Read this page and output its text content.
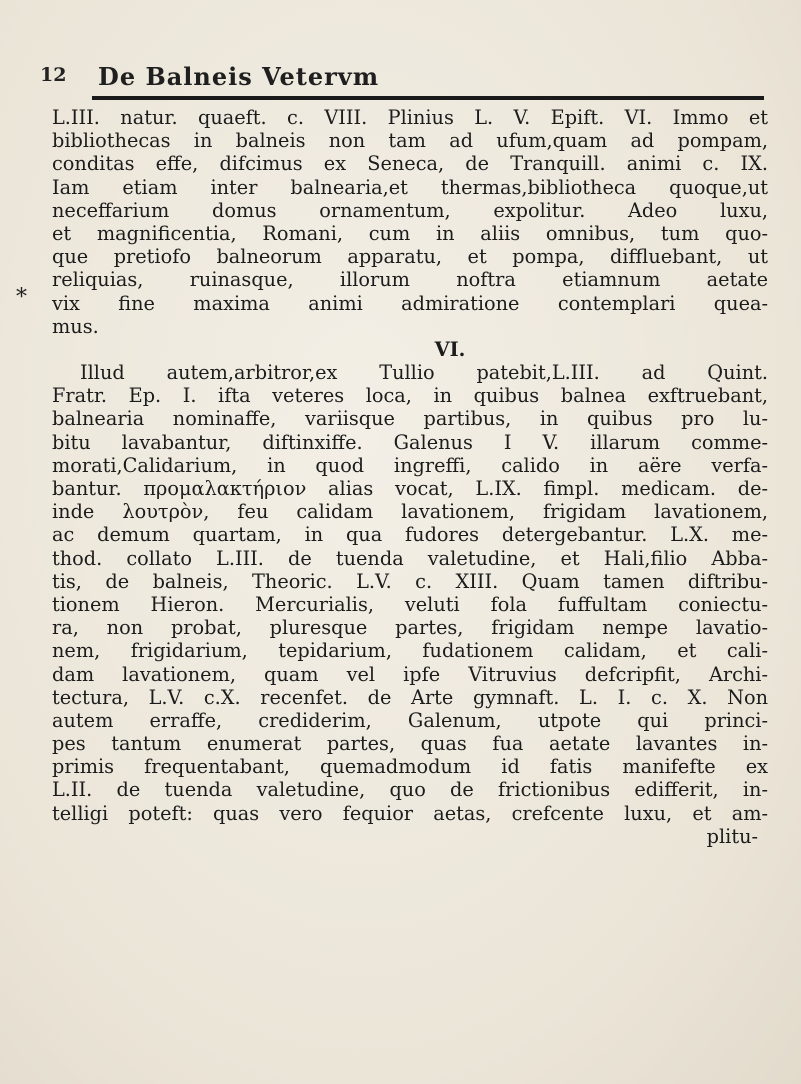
12 De Balneis Vetervm
*
L.III. natur. quaeft. c. VIII. Plinius L. V. Epift. VI. Immo et
bibliothecas in balneis non tam ad ufum,quam ad pompam,
conditas effe, difcimus ex Seneca, de Tranquill. animi c. IX.
Iam etiam inter balnearia,et thermas,bibliotheca quoque,ut
neceffarium domus ornamentum, expolitur. Adeo luxu,
et magnificentia, Romani, cum in aliis omnibus, tum quo-
que pretiofo balneorum apparatu, et pompa, diffluebant, ut
reliquias, ruinasque, illorum noftra etiamnum aetate
vix fine maxima animi admiratione contemplari quea-
mus.
VI.
Illud autem,arbitror,ex Tullio patebit,L.III. ad Quint.
Fratr. Ep. I. ifta veteres loca, in quibus balnea exftruebant,
balnearia nominaffe, variisque partibus, in quibus pro lu-
bitu lavabantur, diftinxiffe. Galenus I V. illarum comme-
morati,Calidarium, in quod ingreffi, calido in aëre verfa-
bantur. πρoμαλακτήριον alias vocat, L.IX. fimpl. medicam. de-
inde λουτρὸν, feu calidam lavationem, frigidam lavationem,
ac demum quartam, in qua fudores detergebantur. L.X. me-
thod. collato L.III. de tuenda valetudine, et Hali,filio Abba-
tis, de balneis, Theoric. L.V. c. XIII. Quam tamen diftribu-
tionem Hieron. Mercurialis, veluti fola fuffultam coniectu-
ra, non probat, pluresque partes, frigidam nempe lavatio-
nem, frigidarium, tepidarium, fudationem calidam, et cali-
dam lavationem, quam vel ipfe Vitruvius defcripfit, Archi-
tectura, L.V. c.X. recenfet. de Arte gymnaft. L. I. c. X. Non
autem erraffe, crediderim, Galenum, utpote qui princi-
pes tantum enumerat partes, quas fua aetate lavantes in-
primis frequentabant, quemadmodum id fatis manifefte ex
L.II. de tuenda valetudine, quo de frictionibus edifferit, in-
telligi poteft: quas vero fequior aetas, crefcente luxu, et am-
plitu-
